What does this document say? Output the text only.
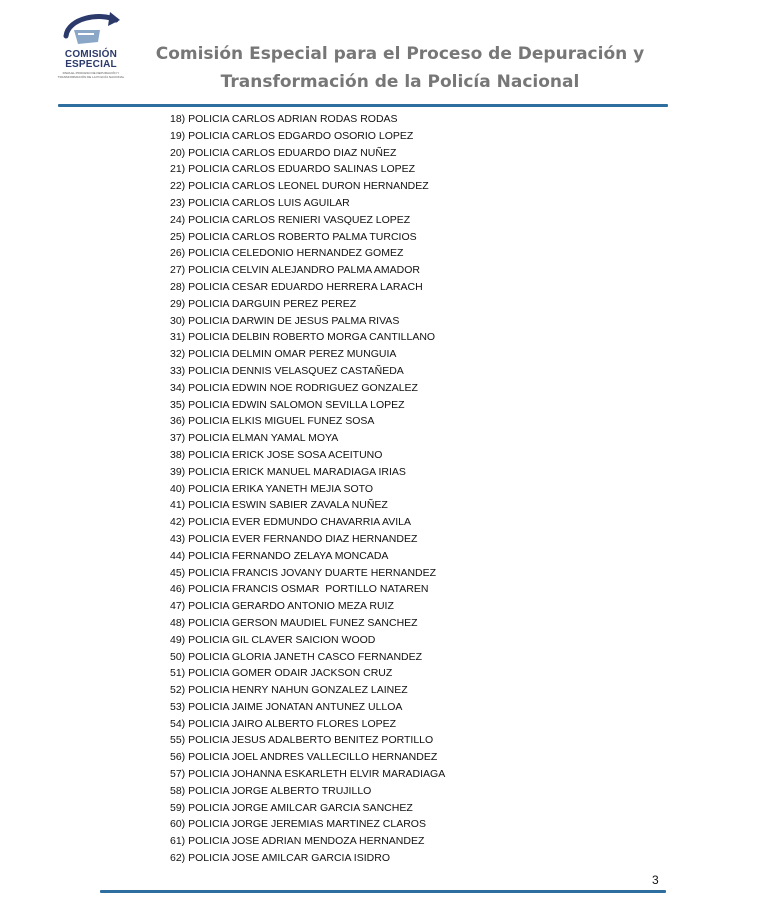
COMISIÓN
ESPECIAL
PARA EL PROCESO DE DEPURACIÓN Y TRANSFORMACIÓN DE LA POLICÍA NACIONAL
Comisión Especial para el Proceso de Depuración y
Transformación de la Policía Nacional
18) POLICIA CARLOS ADRIAN RODAS RODAS
19) POLICIA CARLOS EDGARDO OSORIO LOPEZ
20) POLICIA CARLOS EDUARDO DIAZ NUÑEZ
21) POLICIA CARLOS EDUARDO SALINAS LOPEZ
22) POLICIA CARLOS LEONEL DURON HERNANDEZ
23) POLICIA CARLOS LUIS AGUILAR
24) POLICIA CARLOS RENIERI VASQUEZ LOPEZ
25) POLICIA CARLOS ROBERTO PALMA TURCIOS
26) POLICIA CELEDONIO HERNANDEZ GOMEZ
27) POLICIA CELVIN ALEJANDRO PALMA AMADOR
28) POLICIA CESAR EDUARDO HERRERA LARACH
29) POLICIA DARGUIN PEREZ PEREZ
30) POLICIA DARWIN DE JESUS PALMA RIVAS
31) POLICIA DELBIN ROBERTO MORGA CANTILLANO
32) POLICIA DELMIN OMAR PEREZ MUNGUIA
33) POLICIA DENNIS VELASQUEZ CASTAÑEDA
34) POLICIA EDWIN NOE RODRIGUEZ GONZALEZ
35) POLICIA EDWIN SALOMON SEVILLA LOPEZ
36) POLICIA ELKIS MIGUEL FUNEZ SOSA
37) POLICIA ELMAN YAMAL MOYA
38) POLICIA ERICK JOSE SOSA ACEITUNO
39) POLICIA ERICK MANUEL MARADIAGA IRIAS
40) POLICIA ERIKA YANETH MEJIA SOTO
41) POLICIA ESWIN SABIER ZAVALA NUÑEZ
42) POLICIA EVER EDMUNDO CHAVARRIA AVILA
43) POLICIA EVER FERNANDO DIAZ HERNANDEZ
44) POLICIA FERNANDO ZELAYA MONCADA
45) POLICIA FRANCIS JOVANY DUARTE HERNANDEZ
46) POLICIA FRANCIS OSMAR  PORTILLO NATAREN
47) POLICIA GERARDO ANTONIO MEZA RUIZ
48) POLICIA GERSON MAUDIEL FUNEZ SANCHEZ
49) POLICIA GIL CLAVER SAICION WOOD
50) POLICIA GLORIA JANETH CASCO FERNANDEZ
51) POLICIA GOMER ODAIR JACKSON CRUZ
52) POLICIA HENRY NAHUN GONZALEZ LAINEZ
53) POLICIA JAIME JONATAN ANTUNEZ ULLOA
54) POLICIA JAIRO ALBERTO FLORES LOPEZ
55) POLICIA JESUS ADALBERTO BENITEZ PORTILLO
56) POLICIA JOEL ANDRES VALLECILLO HERNANDEZ
57) POLICIA JOHANNA ESKARLETH ELVIR MARADIAGA
58) POLICIA JORGE ALBERTO TRUJILLO
59) POLICIA JORGE AMILCAR GARCIA SANCHEZ
60) POLICIA JORGE JEREMIAS MARTINEZ CLAROS
61) POLICIA JOSE ADRIAN MENDOZA HERNANDEZ
62) POLICIA JOSE AMILCAR GARCIA ISIDRO
3
